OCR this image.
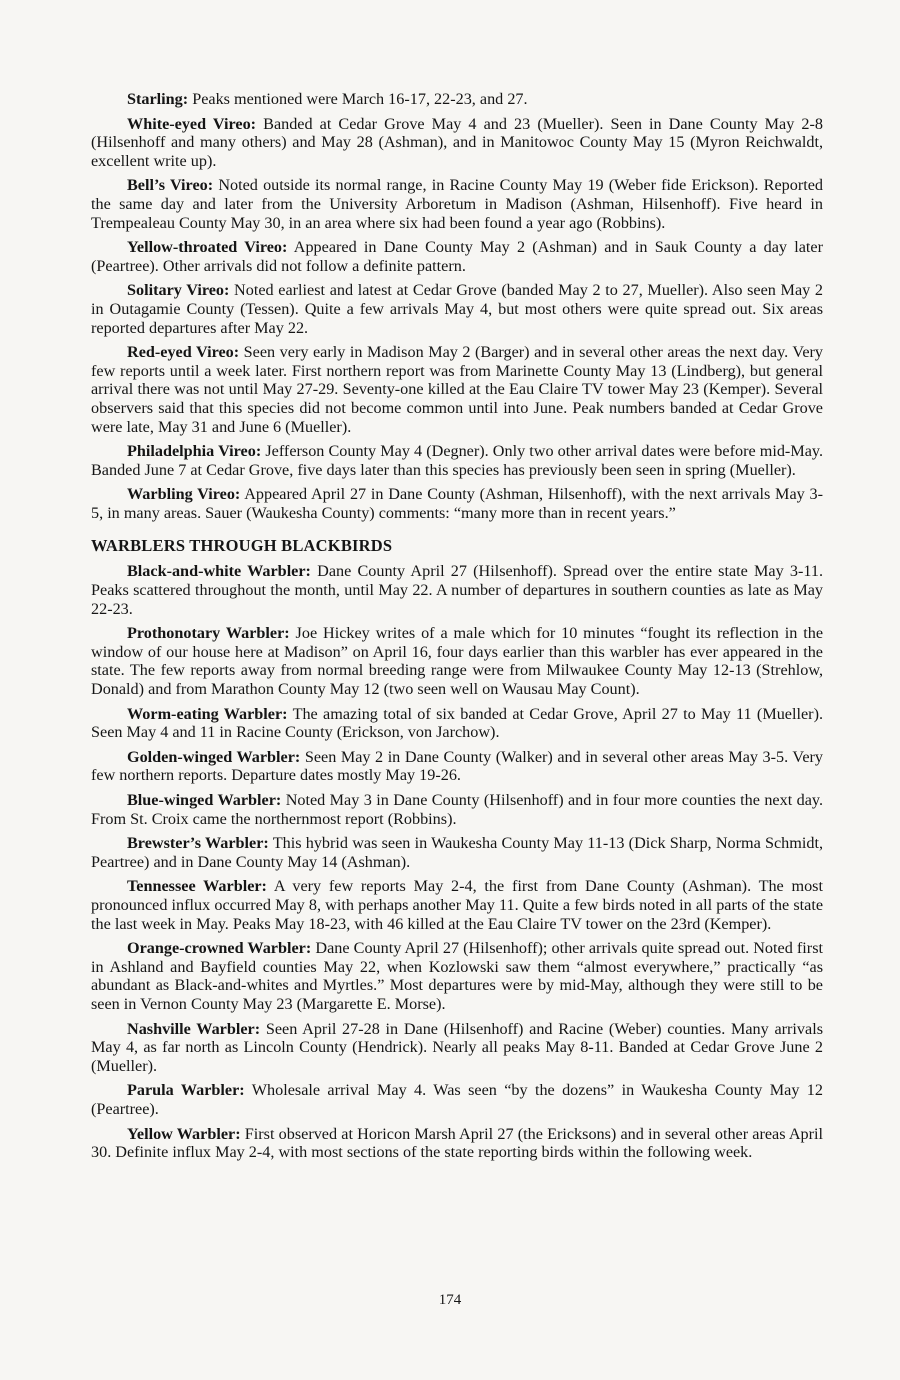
Starling: Peaks mentioned were March 16-17, 22-23, and 27.

White-eyed Vireo: Banded at Cedar Grove May 4 and 23 (Mueller). Seen in Dane County May 2-8 (Hilsenhoff and many others) and May 28 (Ashman), and in Manitowoc County May 15 (Myron Reichwaldt, excellent write up).

Bell’s Vireo: Noted outside its normal range, in Racine County May 19 (Weber fide Erickson). Reported the same day and later from the University Arboretum in Madison (Ashman, Hilsenhoff). Five heard in Trempealeau County May 30, in an area where six had been found a year ago (Robbins).

Yellow-throated Vireo: Appeared in Dane County May 2 (Ashman) and in Sauk County a day later (Peartree). Other arrivals did not follow a definite pattern.

Solitary Vireo: Noted earliest and latest at Cedar Grove (banded May 2 to 27, Mueller). Also seen May 2 in Outagamie County (Tessen). Quite a few arrivals May 4, but most others were quite spread out. Six areas reported departures after May 22.

Red-eyed Vireo: Seen very early in Madison May 2 (Barger) and in several other areas the next day. Very few reports until a week later. First northern report was from Marinette County May 13 (Lindberg), but general arrival there was not until May 27-29. Seventy-one killed at the Eau Claire TV tower May 23 (Kemper). Several observers said that this species did not become common until into June. Peak numbers banded at Cedar Grove were late, May 31 and June 6 (Mueller).

Philadelphia Vireo: Jefferson County May 4 (Degner). Only two other arrival dates were before mid-May. Banded June 7 at Cedar Grove, five days later than this species has previously been seen in spring (Mueller).

Warbling Vireo: Appeared April 27 in Dane County (Ashman, Hilsenhoff), with the next arrivals May 3-5, in many areas. Sauer (Waukesha County) comments: “many more than in recent years.”

WARBLERS THROUGH BLACKBIRDS

Black-and-white Warbler: Dane County April 27 (Hilsenhoff). Spread over the entire state May 3-11. Peaks scattered throughout the month, until May 22. A number of departures in southern counties as late as May 22-23.

Prothonotary Warbler: Joe Hickey writes of a male which for 10 minutes “fought its reflection in the window of our house here at Madison” on April 16, four days earlier than this warbler has ever appeared in the state. The few reports away from normal breeding range were from Milwaukee County May 12-13 (Strehlow, Donald) and from Marathon County May 12 (two seen well on Wausau May Count).

Worm-eating Warbler: The amazing total of six banded at Cedar Grove, April 27 to May 11 (Mueller). Seen May 4 and 11 in Racine County (Erickson, von Jarchow).

Golden-winged Warbler: Seen May 2 in Dane County (Walker) and in several other areas May 3-5. Very few northern reports. Departure dates mostly May 19-26.

Blue-winged Warbler: Noted May 3 in Dane County (Hilsenhoff) and in four more counties the next day. From St. Croix came the northernmost report (Robbins).

Brewster’s Warbler: This hybrid was seen in Waukesha County May 11-13 (Dick Sharp, Norma Schmidt, Peartree) and in Dane County May 14 (Ashman).

Tennessee Warbler: A very few reports May 2-4, the first from Dane County (Ashman). The most pronounced influx occurred May 8, with perhaps another May 11. Quite a few birds noted in all parts of the state the last week in May. Peaks May 18-23, with 46 killed at the Eau Claire TV tower on the 23rd (Kemper).

Orange-crowned Warbler: Dane County April 27 (Hilsenhoff); other arrivals quite spread out. Noted first in Ashland and Bayfield counties May 22, when Kozlowski saw them “almost everywhere,” practically “as abundant as Black-and-whites and Myrtles.” Most departures were by mid-May, although they were still to be seen in Vernon County May 23 (Margarette E. Morse).

Nashville Warbler: Seen April 27-28 in Dane (Hilsenhoff) and Racine (Weber) counties. Many arrivals May 4, as far north as Lincoln County (Hendrick). Nearly all peaks May 8-11. Banded at Cedar Grove June 2 (Mueller).

Parula Warbler: Wholesale arrival May 4. Was seen “by the dozens” in Waukesha County May 12 (Peartree).

Yellow Warbler: First observed at Horicon Marsh April 27 (the Ericksons) and in several other areas April 30. Definite influx May 2-4, with most sections of the state reporting birds within the following week.

174
